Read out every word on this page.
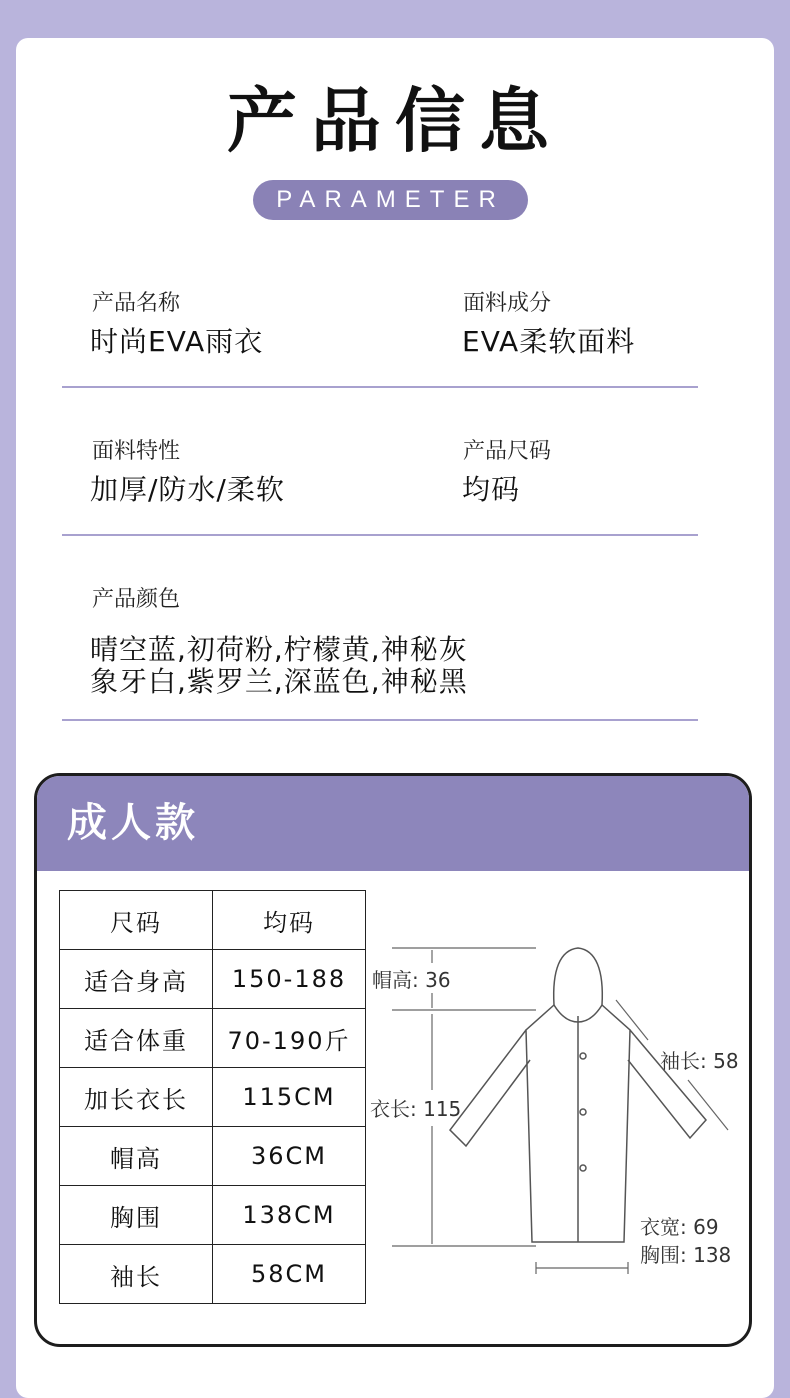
产品信息
PARAMETER
产品名称
时尚EVA雨衣
面料成分
EVA柔软面料
面料特性
加厚/防水/柔软
产品尺码
均码
产品颜色
晴空蓝,初荷粉,柠檬黄,神秘灰
象牙白,紫罗兰,深蓝色,神秘黑
成人款
尺码	均码
适合身高	150-188
适合体重	70-190斤
加长衣长	115CM
帽高	36CM
胸围	138CM
袖长	58CM
帽高: 36
衣长: 115
袖长: 58
衣宽: 69
胸围: 138
